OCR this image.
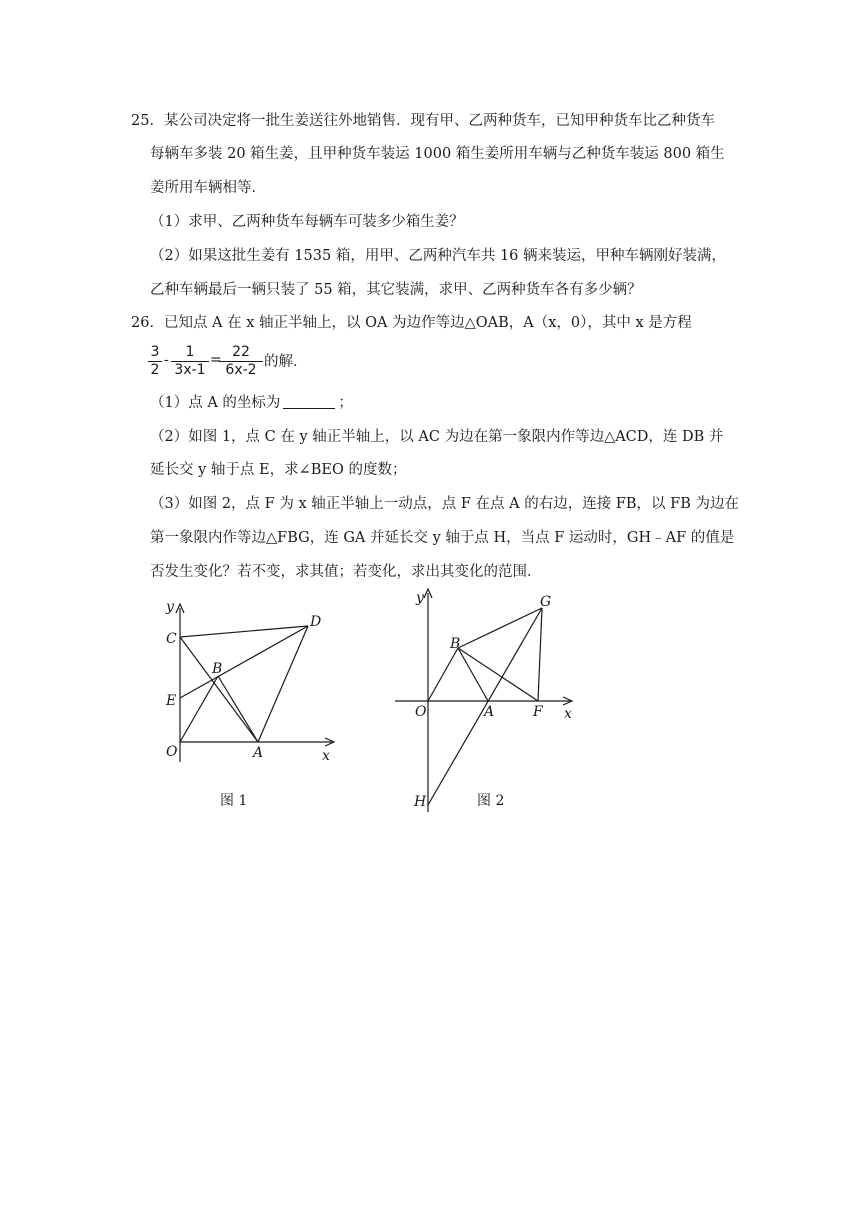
25．某公司决定将一批生姜送往外地销售．现有甲、乙两种货车，已知甲种货车比乙种货车
每辆车多装 20 箱生姜，且甲种货车装运 1000 箱生姜所用车辆与乙种货车装运 800 箱生
姜所用车辆相等．
（1）求甲、乙两种货车每辆车可装多少箱生姜？
（2）如果这批生姜有 1535 箱，用甲、乙两种汽车共 16 辆来装运，甲种车辆刚好装满，
乙种车辆最后一辆只装了 55 箱，其它装满，求甲、乙两种货车各有多少辆？
26．已知点 A 在 x 轴正半轴上，以 OA 为边作等边△OAB，A（x，0），其中 x 是方程
$\frac{3}{2} - \frac{1}{3x-1}$ =
$\frac{22}{6x-2}$ 的解．
（1）点 A 的坐标为	；
（2）如图 1，点 C 在 y 轴正半轴上，以 AC 为边在第一象限内作等边△ACD，连 DB 并
延长交 y 轴于点 E，求∠BEO 的度数；
（3）如图 2，点 F 为 x 轴正半轴上一动点，点 F 在点 A 的右边，连接 FB，以 FB 为边在
第一象限内作等边△FBG，连 GA 并延长交 y 轴于点 H，当点 F 运动时，GH﹣AF 的值是
否发生变化？若不变，求其值；若变化，求出其变化的范围．
y
x
C
D
B
E
O	A
图 1
y
x
G
B
O	A	F
H	图 2
